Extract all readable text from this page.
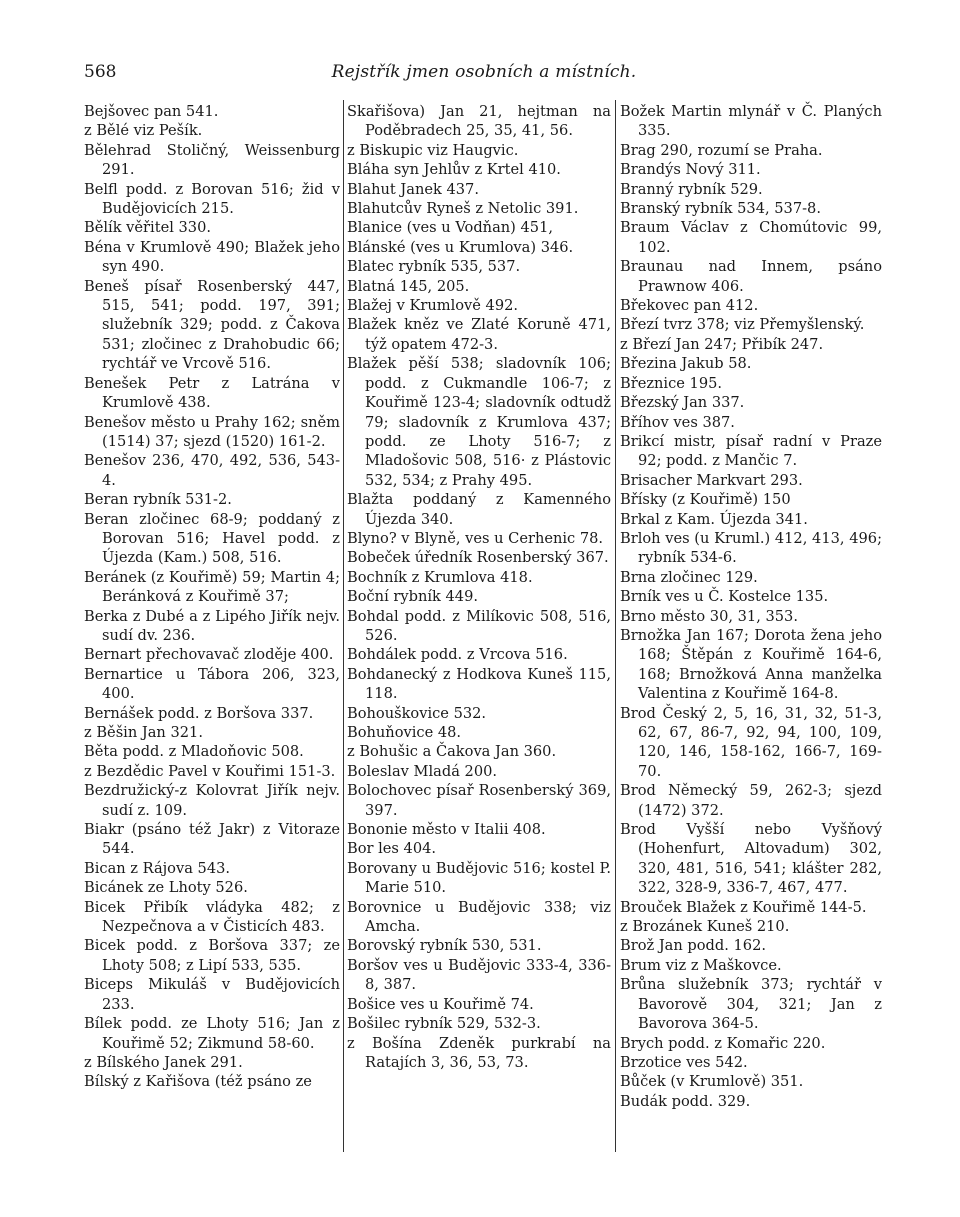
568	Rejstřík jmen osobních a místních.

Bejšovec pan 541.

z Bělé viz Pešík.

Bělehrad Stoličný, Weissenburg 291.

Belfl podd. z Borovan 516; žid v Budějovicích 215.

Bělík věřitel 330.

Béna v Krumlově 490; Blažek jeho syn 490.

Beneš písař Rosenberský 447, 515, 541; podd. 197, 391; služebník 329; podd. z Čakova 531; zločinec z Drahobudic 66; rychtář ve Vrcově 516.

Benešek Petr z Latrána v Krumlově 438.

Benešov město u Prahy 162; sněm (1514) 37; sjezd (1520) 161-2.

Benešov 236, 470, 492, 536, 543-4.

Beran rybník 531-2.

Beran zločinec 68-9; poddaný z Borovan 516; Havel podd. z Újezda (Kam.) 508, 516.

Beránek (z Kouřimě) 59; Martin 4; Beránková z Kouřimě 37;

Berka z Dubé a z Lipého Jiřík nejv. sudí dv. 236.

Bernart přechovavač zloděje 400.

Bernartice u Tábora 206, 323, 400.

Bernášek podd. z Boršova 337.

z Běšin Jan 321.

Běta podd. z Mladoňovic 508.

z Bezdědic Pavel v Kouřimi 151-3.

Bezdružický-z Kolovrat Jiřík nejv. sudí z. 109.

Biakr (psáno též Jakr) z Vitoraze 544.

Bican z Rájova 543.

Bicánek ze Lhoty 526.

Bicek Přibík vládyka 482; z Nezpečnova a v Čisticích 483.

Bicek podd. z Boršova 337; ze Lhoty 508; z Lipí 533, 535.

Biceps Mikuláš v Budějovicích 233.

Bílek podd. ze Lhoty 516; Jan z Kouřimě 52; Zikmund 58-60.

z Bílského Janek 291.

Bílský z Kařišova (též psáno ze

Skařišova) Jan 21, hejtman na Poděbradech 25, 35, 41, 56.

z Biskupic viz Haugvic.

Bláha syn Jehlův z Krtel 410.

Blahut Janek 437.

Blahutcův Ryneš z Netolic 391.

Blanice (ves u Vodňan) 451,

Blánské (ves u Krumlova) 346.

Blatec rybník 535, 537.

Blatná 145, 205.

Blažej v Krumlově 492.

Blažek kněz ve Zlaté Koruně 471, týž opatem 472-3.

Blažek pěší 538; sladovník 106; podd. z Cukmandle 106-7; z Kouřimě 123-4; sladovník odtudž 79; sladovník z Krumlova 437; podd. ze Lhoty 516-7; z Mladošovic 508, 516· z Plástovic 532, 534; z Prahy 495.

Blažta poddaný z Kamenného Újezda 340.

Blyno? v Blyně, ves u Cerhenic 78.

Bobeček úředník Rosenberský 367.

Bochník z Krumlova 418.

Boční rybník 449.

Bohdal podd. z Milíkovic 508, 516, 526.

Bohdálek podd. z Vrcova 516.

Bohdanecký z Hodkova Kuneš 115, 118.

Bohouškovice 532.

Bohuňovice 48.

z Bohušic a Čakova Jan 360.

Boleslav Mladá 200.

Bolochovec písař Rosenberský 369, 397.

Bononie město v Italii 408.

Bor les 404.

Borovany u Budějovic 516; kostel P. Marie 510.

Borovnice u Budějovic 338; viz Amcha.

Borovský rybník 530, 531.

Boršov ves u Budějovic 333-4, 336-8, 387.

Bošice ves u Kouřimě 74.

Bošilec rybník 529, 532-3.

z Bošína Zdeněk purkrabí na Ratajích 3, 36, 53, 73.

Božek Martin mlynář v Č. Planých 335.

Brag 290, rozumí se Praha.

Brandýs Nový 311.

Branný rybník 529.

Branský rybník 534, 537-8.

Braum Václav z Chomútovic 99, 102.

Braunau nad Innem, psáno Prawnow 406.

Břekovec pan 412.

Březí tvrz 378; viz Přemyšlenský.

z Březí Jan 247; Přibík 247.

Březina Jakub 58.

Březnice 195.

Březský Jan 337.

Bříhov ves 387.

Brikcí mistr, písař radní v Praze 92; podd. z Mančic 7.

Brisacher Markvart 293.

Břísky (z Kouřimě) 150

Brkal z Kam. Újezda 341.

Brloh ves (u Kruml.) 412, 413, 496; rybník 534-6.

Brna zločinec 129.

Brník ves u Č. Kostelce 135.

Brno město 30, 31, 353.

Brnožka Jan 167; Dorota žena jeho 168; Štěpán z Kouřimě 164-6, 168; Brnožková Anna manželka Valentina z Kouřimě 164-8.

Brod Český 2, 5, 16, 31, 32, 51-3, 62, 67, 86-7, 92, 94, 100, 109, 120, 146, 158-162, 166-7, 169-70.

Brod Německý 59, 262-3; sjezd (1472) 372.

Brod Vyšší nebo Vyšňový (Hohenfurt, Altovadum) 302, 320, 481, 516, 541; klášter 282, 322, 328-9, 336-7, 467, 477.

Brouček Blažek z Kouřimě 144-5.

z Brozánek Kuneš 210.

Brož Jan podd. 162.

Brum viz z Maškovce.

Brůna služebník 373; rychtář v Bavorově 304, 321; Jan z Bavorova 364-5.

Brych podd. z Komařic 220.

Brzotice ves 542.

Bůček (v Krumlově) 351.

Budák podd. 329.
